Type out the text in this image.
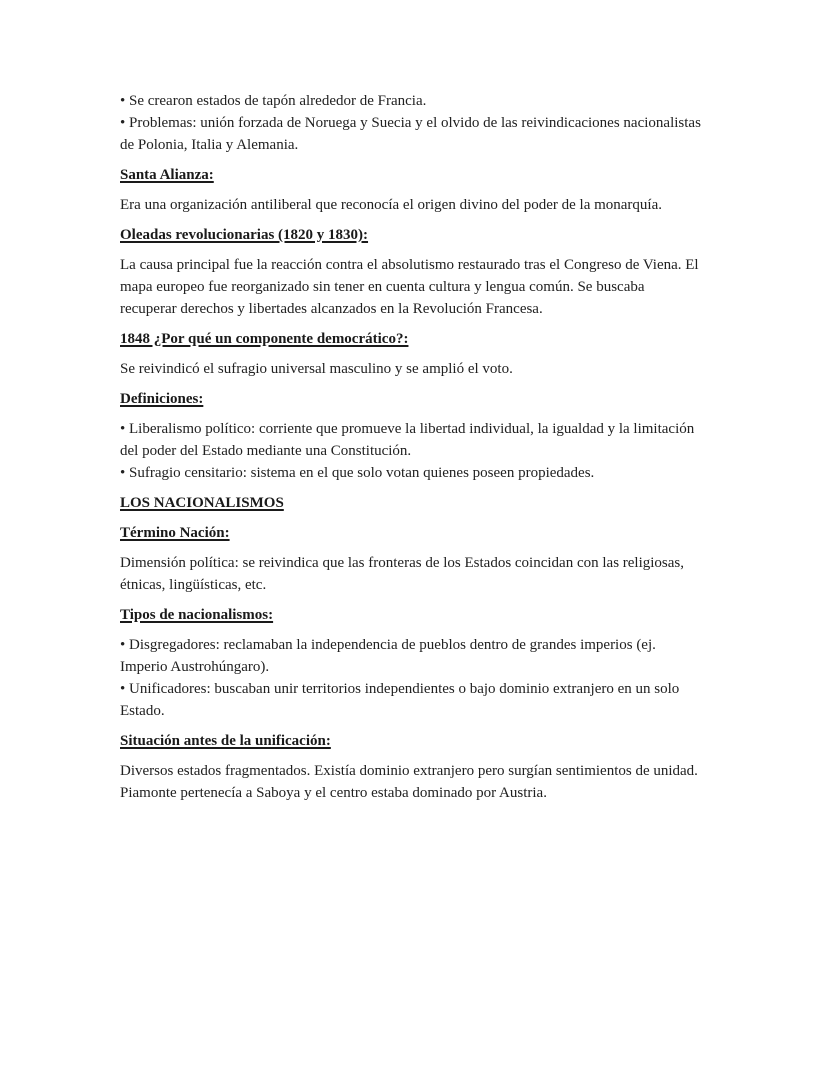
• Se crearon estados de tapón alrededor de Francia.
• Problemas: unión forzada de Noruega y Suecia y el olvido de las reivindicaciones nacionalistas de Polonia, Italia y Alemania.
Santa Alianza:

Era una organización antiliberal que reconocía el origen divino del poder de la monarquía.

Oleadas revolucionarias (1820 y 1830):

La causa principal fue la reacción contra el absolutismo restaurado tras el Congreso de Viena. El mapa europeo fue reorganizado sin tener en cuenta cultura y lengua común. Se buscaba recuperar derechos y libertades alcanzados en la Revolución Francesa.

1848 ¿Por qué un componente democrático?:

Se reivindicó el sufragio universal masculino y se amplió el voto.

Definiciones:
• Liberalismo político: corriente que promueve la libertad individual, la igualdad y la limitación del poder del Estado mediante una Constitución.
• Sufragio censitario: sistema en el que solo votan quienes poseen propiedades.
LOS NACIONALISMOS
Término Nación:

Dimensión política: se reivindica que las fronteras de los Estados coincidan con las religiosas, étnicas, lingüísticas, etc.

Tipos de nacionalismos:
• Disgregadores: reclamaban la independencia de pueblos dentro de grandes imperios (ej. Imperio Austrohúngaro).
• Unificadores: buscaban unir territorios independientes o bajo dominio extranjero en un solo Estado.
Situación antes de la unificación:

Diversos estados fragmentados. Existía dominio extranjero pero surgían sentimientos de unidad. Piamonte pertenecía a Saboya y el centro estaba dominado por Austria.
